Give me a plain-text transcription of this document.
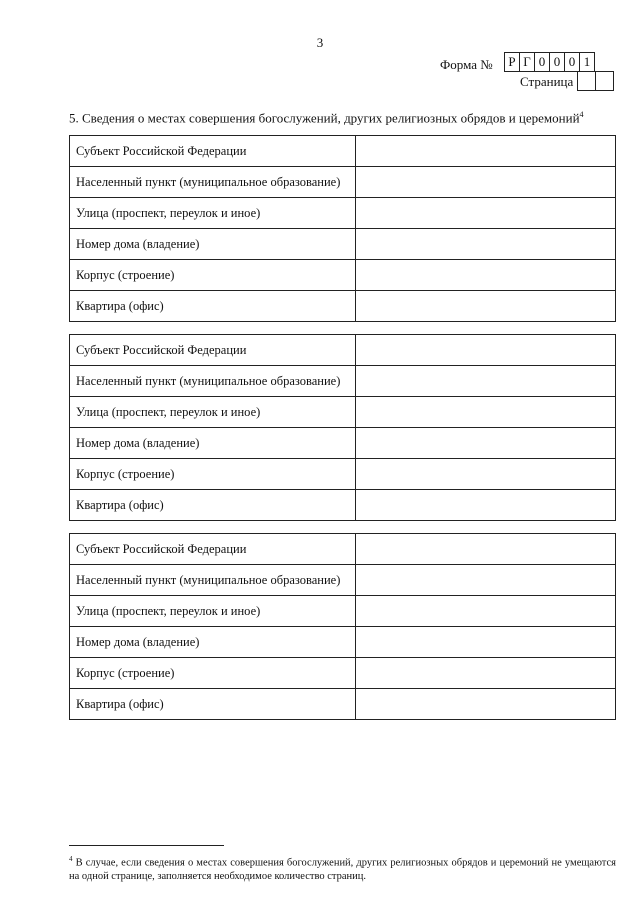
3
Форма № Р	Г	0	0	0	1
Страница

5. Сведения о местах совершения богослужений, других религиозных обрядов и церемоний$^4$
Субъект Российской Федерации	
Населенный пункт (муниципальное образование)	
Улица (проспект, переулок и иное)	
Номер дома (владение)	
Корпус (строение)	
Квартира (офис)	
Субъект Российской Федерации	
Населенный пункт (муниципальное образование)	
Улица (проспект, переулок и иное)	
Номер дома (владение)	
Корпус (строение)	
Квартира (офис)	
Субъект Российской Федерации	
Населенный пункт (муниципальное образование)	
Улица (проспект, переулок и иное)	
Номер дома (владение)	
Корпус (строение)	
Квартира (офис)	
$^4$ В случае, если сведения о местах совершения богослужений, других религиозных обрядов и церемоний не умещаются на одной странице, заполняется необходимое количество страниц.
